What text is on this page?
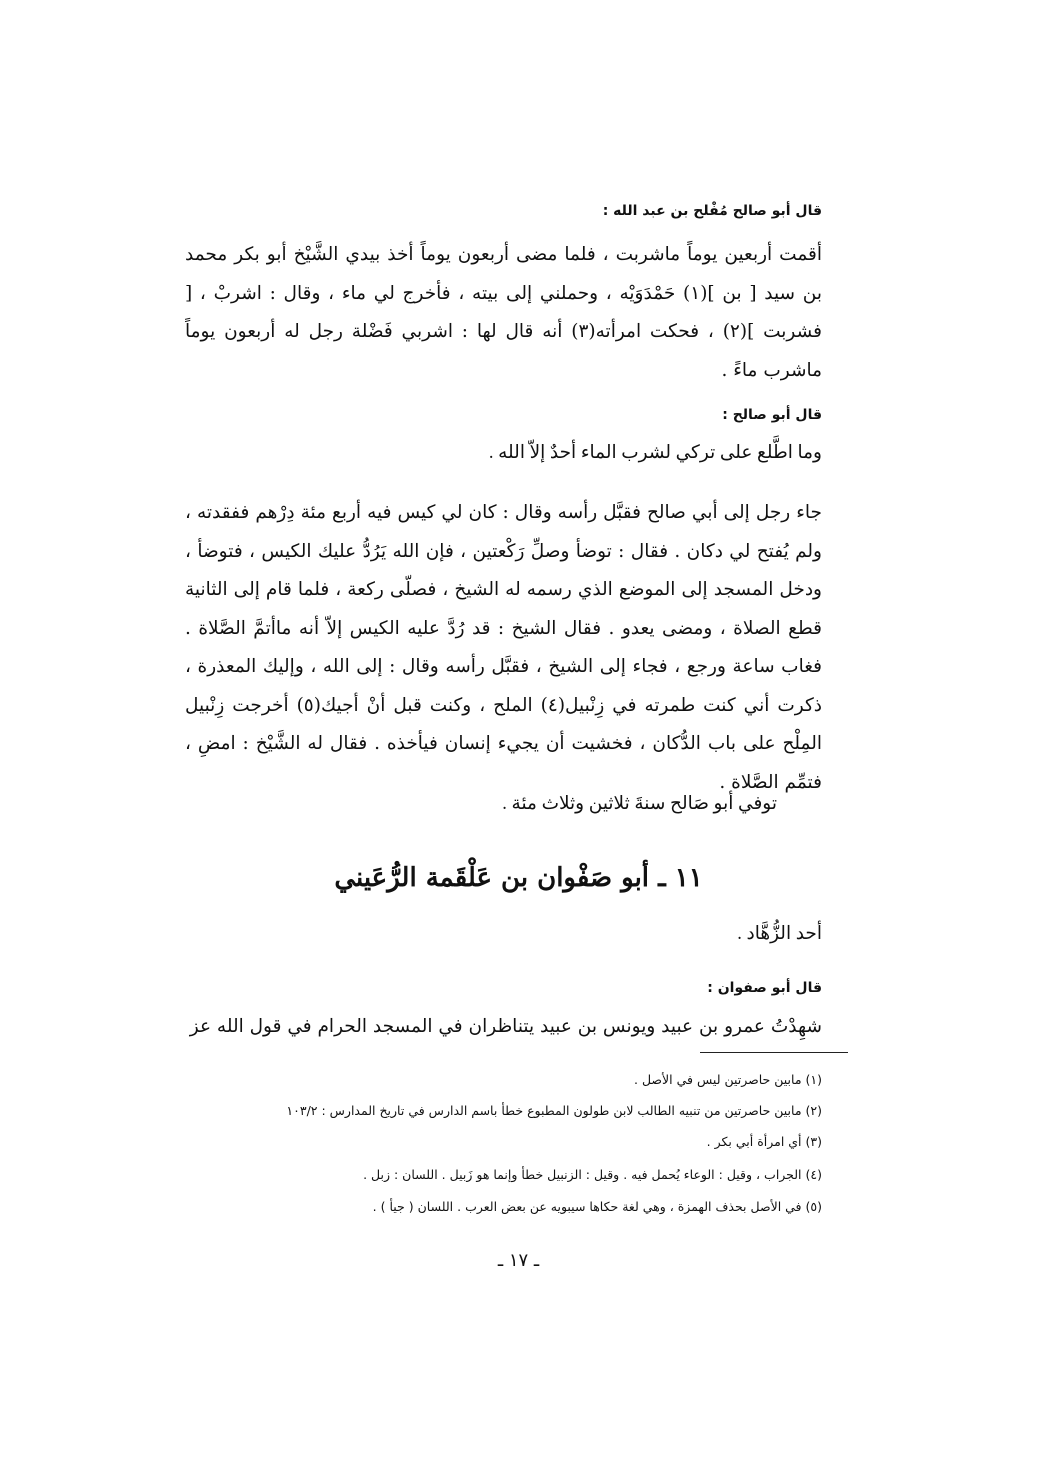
قال أبو صالح مُفْلح بن عبد الله :

أقمت أربعين يوماً ماشربت ، فلما مضى أربعون يوماً أخذ بيدي الشَّيْخ أبو بكر محمد بن سيد [ بن ](١) حَمْدَوَيْه ، وحملني إلى بيته ، فأخرج لي ماء ، وقال : اشربْ ، [ فشربت ](٢) ، فحكت امرأته(٣) أنه قال لها : اشربي فَضْلة رجل له أربعون يوماً ماشرب ماءً .

قال أبو صالح :

وما اطَّلع على تركي لشرب الماء أحدٌ إلاّ الله .

جاء رجل إلى أبي صالح فقبَّل رأسه وقال : كان لي كيس فيه أربع مئة دِرْهم ففقدته ، ولم يُفتح لي دكان . فقال : توضأ وصلِّ رَكْعتين ، فإن الله يَرُدُّ عليك الكيس ، فتوضأ ، ودخل المسجد إلى الموضع الذي رسمه له الشيخ ، فصلّى ركعة ، فلما قام إلى الثانية قطع الصلاة ، ومضى يعدو . فقال الشيخ : قد رُدَّ عليه الكيس إلاّ أنه ماأتمَّ الصَّلاة . فغاب ساعة ورجع ، فجاء إلى الشيخ ، فقبَّل رأسه وقال : إلى الله ، وإليك المعذرة ، ذكرت أني كنت طمرته في زِنْبيل(٤) الملح ، وكنت قبل أنْ أجيك(٥) أخرجت زِنْبيل المِلْح على باب الدُّكان ، فخشيت أن يجيء إنسان فيأخذه . فقال له الشَّيْخ : امضِ ، فتمِّم الصَّلاة .

توفي أبو صَالح سنةَ ثلاثين وثلاث مئة .

١١ ـ أبو صَفْوان بن عَلْقَمة الرُّعَيني

أحد الزُّهَّاد .

قال أبو صفوان :

شهِدْتُ عمرو بن عبيد ويونس بن عبيد يتناظران في المسجد الحرام في قول الله عز

(١) مابين حاصرتين ليس في الأصل .
(٢) مابين حاصرتين من تنبيه الطالب لابن طولون المطبوع خطأ باسم الدارس في تاريخ المدارس : ١٠٣/٢
(٣) أي امرأة أبي بكر .
(٤) الجراب ، وقيل : الوعاء يُحمل فيه . وقيل : الزنبيل خطأ وإنما هو زَبيل . اللسان : زبل .
(٥) في الأصل بحذف الهمزة ، وهي لغة حكاها سيبويه عن بعض العرب . اللسان ( جيأ ) .
ـ ١٧ ـ
